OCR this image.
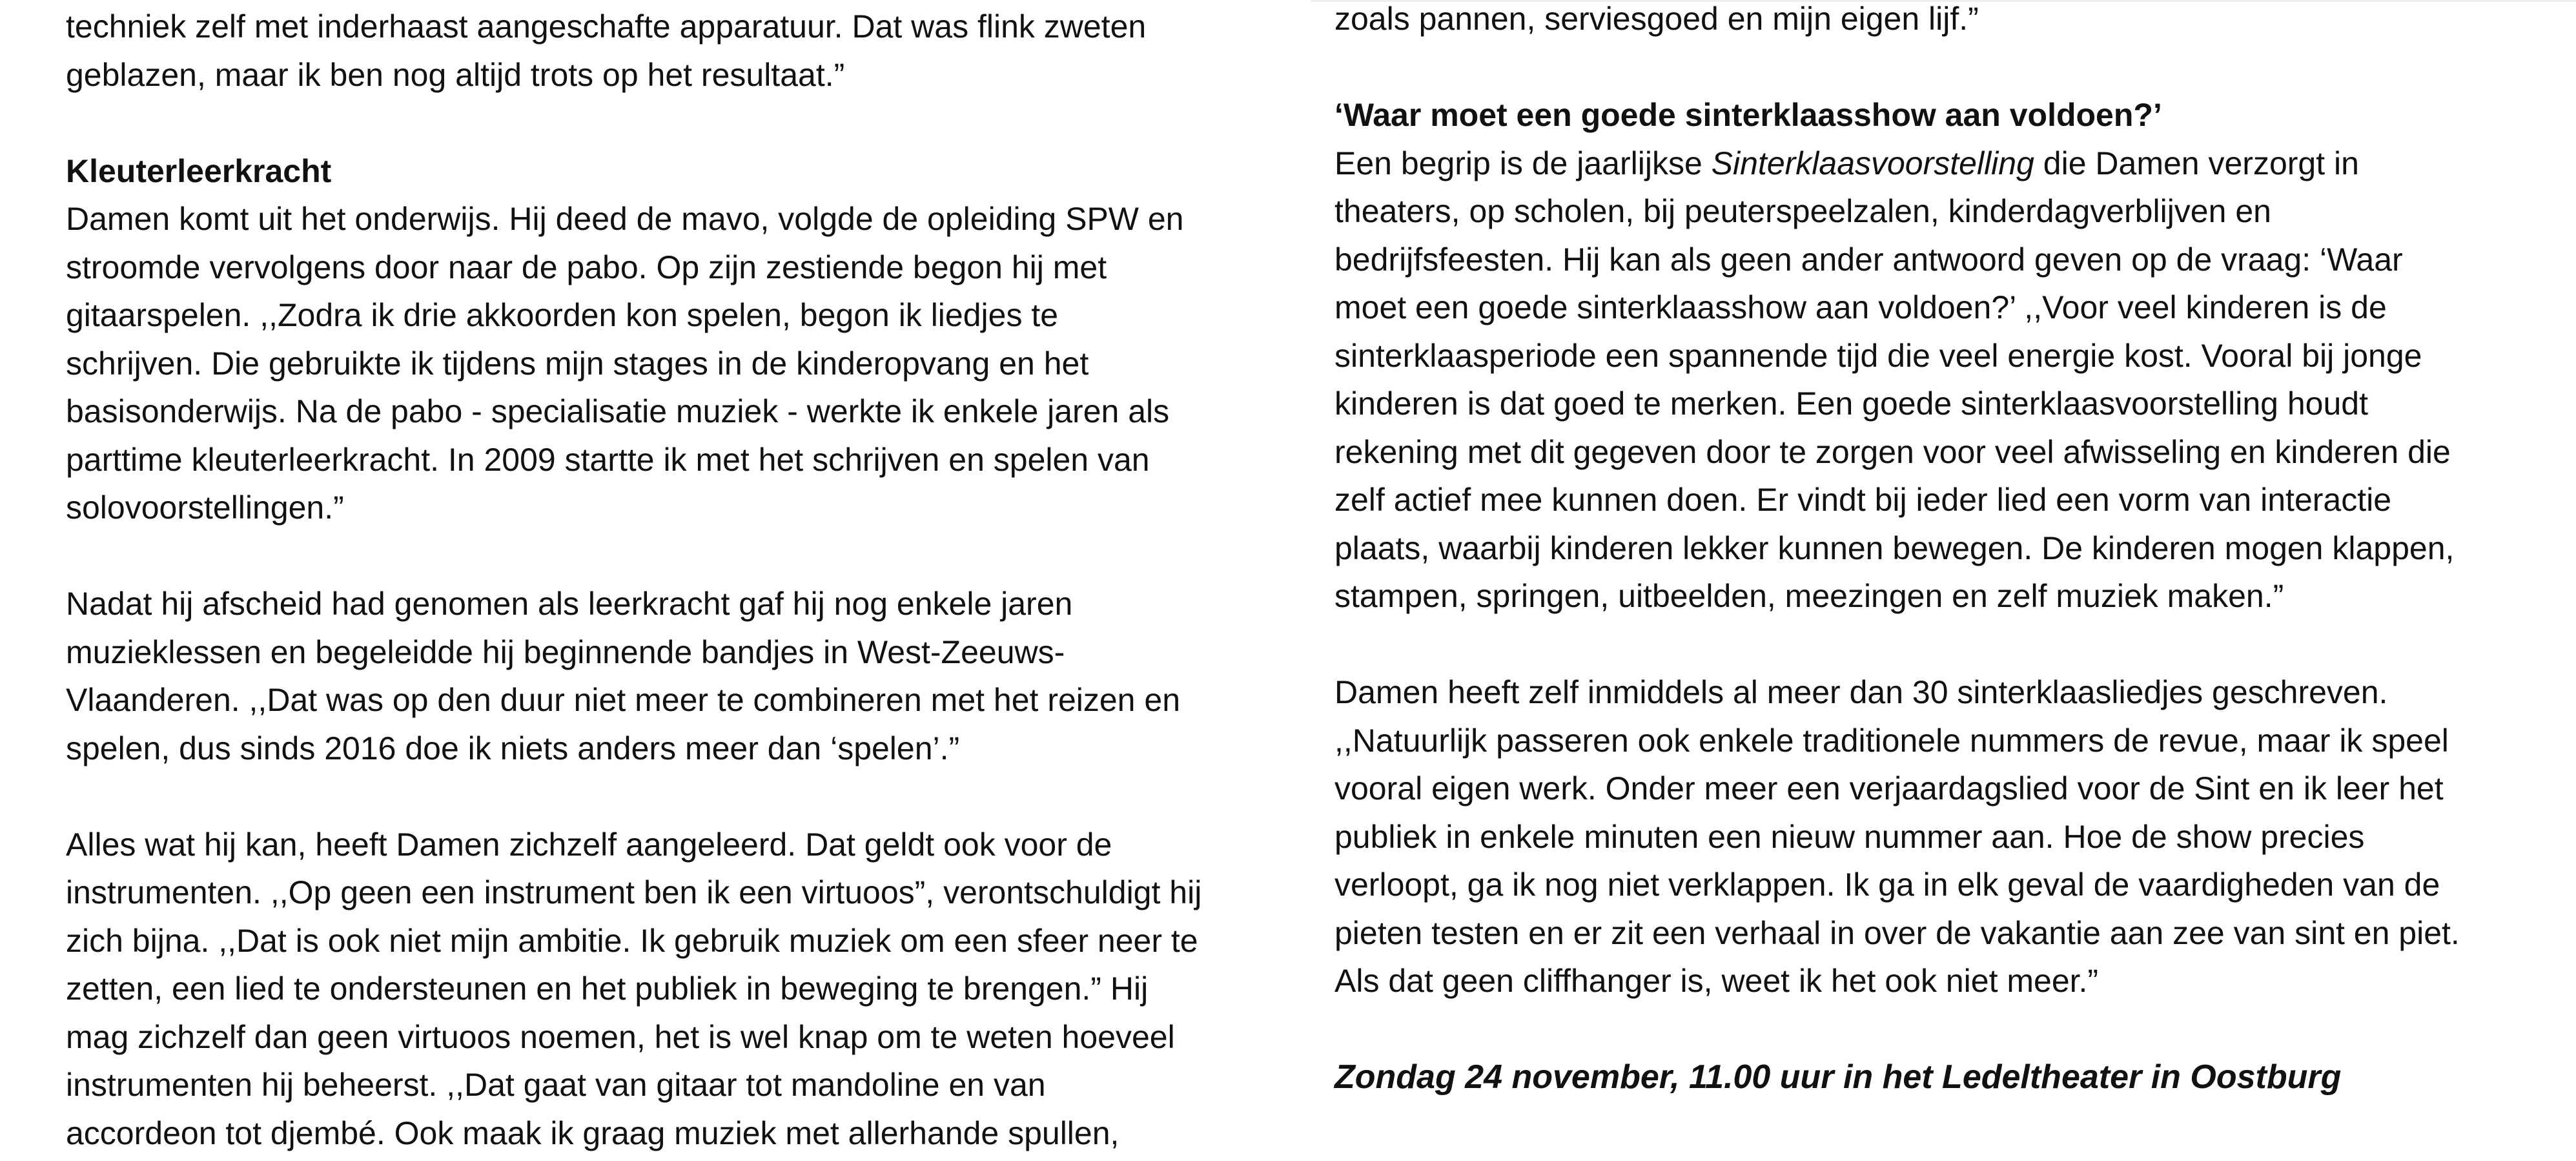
techniek zelf met inderhaast aangeschafte apparatuur. Dat was flink zweten
geblazen, maar ik ben nog altijd trots op het resultaat.”
Kleuterleerkracht
Damen komt uit het onderwijs. Hij deed de mavo, volgde de opleiding SPW en
stroomde vervolgens door naar de pabo. Op zijn zestiende begon hij met
gitaarspelen. ,,Zodra ik drie akkoorden kon spelen, begon ik liedjes te
schrijven. Die gebruikte ik tijdens mijn stages in de kinderopvang en het
basisonderwijs. Na de pabo - specialisatie muziek - werkte ik enkele jaren als
parttime kleuterleerkracht. In 2009 startte ik met het schrijven en spelen van
solovoorstellingen.”
Nadat hij afscheid had genomen als leerkracht gaf hij nog enkele jaren
muzieklessen en begeleidde hij beginnende bandjes in West-Zeeuws-
Vlaanderen. ,,Dat was op den duur niet meer te combineren met het reizen en
spelen, dus sinds 2016 doe ik niets anders meer dan ‘spelen’.”
Alles wat hij kan, heeft Damen zichzelf aangeleerd. Dat geldt ook voor de
instrumenten. ,,Op geen een instrument ben ik een virtuoos”, verontschuldigt hij
zich bijna. ,,Dat is ook niet mijn ambitie. Ik gebruik muziek om een sfeer neer te
zetten, een lied te ondersteunen en het publiek in beweging te brengen.” Hij
mag zichzelf dan geen virtuoos noemen, het is wel knap om te weten hoeveel
instrumenten hij beheerst. ,,Dat gaat van gitaar tot mandoline en van
accordeon tot djembé. Ook maak ik graag muziek met allerhande spullen,
zoals pannen, serviesgoed en mijn eigen lijf.”
‘Waar moet een goede sinterklaasshow aan voldoen?’
Een begrip is de jaarlijkse Sinterklaasvoorstelling die Damen verzorgt in
theaters, op scholen, bij peuterspeelzalen, kinderdagverblijven en
bedrijfsfeesten. Hij kan als geen ander antwoord geven op de vraag: ‘Waar
moet een goede sinterklaasshow aan voldoen?’ ,,Voor veel kinderen is de
sinterklaasperiode een spannende tijd die veel energie kost. Vooral bij jonge
kinderen is dat goed te merken. Een goede sinterklaasvoorstelling houdt
rekening met dit gegeven door te zorgen voor veel afwisseling en kinderen die
zelf actief mee kunnen doen. Er vindt bij ieder lied een vorm van interactie
plaats, waarbij kinderen lekker kunnen bewegen. De kinderen mogen klappen,
stampen, springen, uitbeelden, meezingen en zelf muziek maken.”
Damen heeft zelf inmiddels al meer dan 30 sinterklaasliedjes geschreven.
,,Natuurlijk passeren ook enkele traditionele nummers de revue, maar ik speel
vooral eigen werk. Onder meer een verjaardagslied voor de Sint en ik leer het
publiek in enkele minuten een nieuw nummer aan. Hoe de show precies
verloopt, ga ik nog niet verklappen. Ik ga in elk geval de vaardigheden van de
pieten testen en er zit een verhaal in over de vakantie aan zee van sint en piet.
Als dat geen cliffhanger is, weet ik het ook niet meer.”
Zondag 24 november, 11.00 uur in het Ledeltheater in Oostburg
